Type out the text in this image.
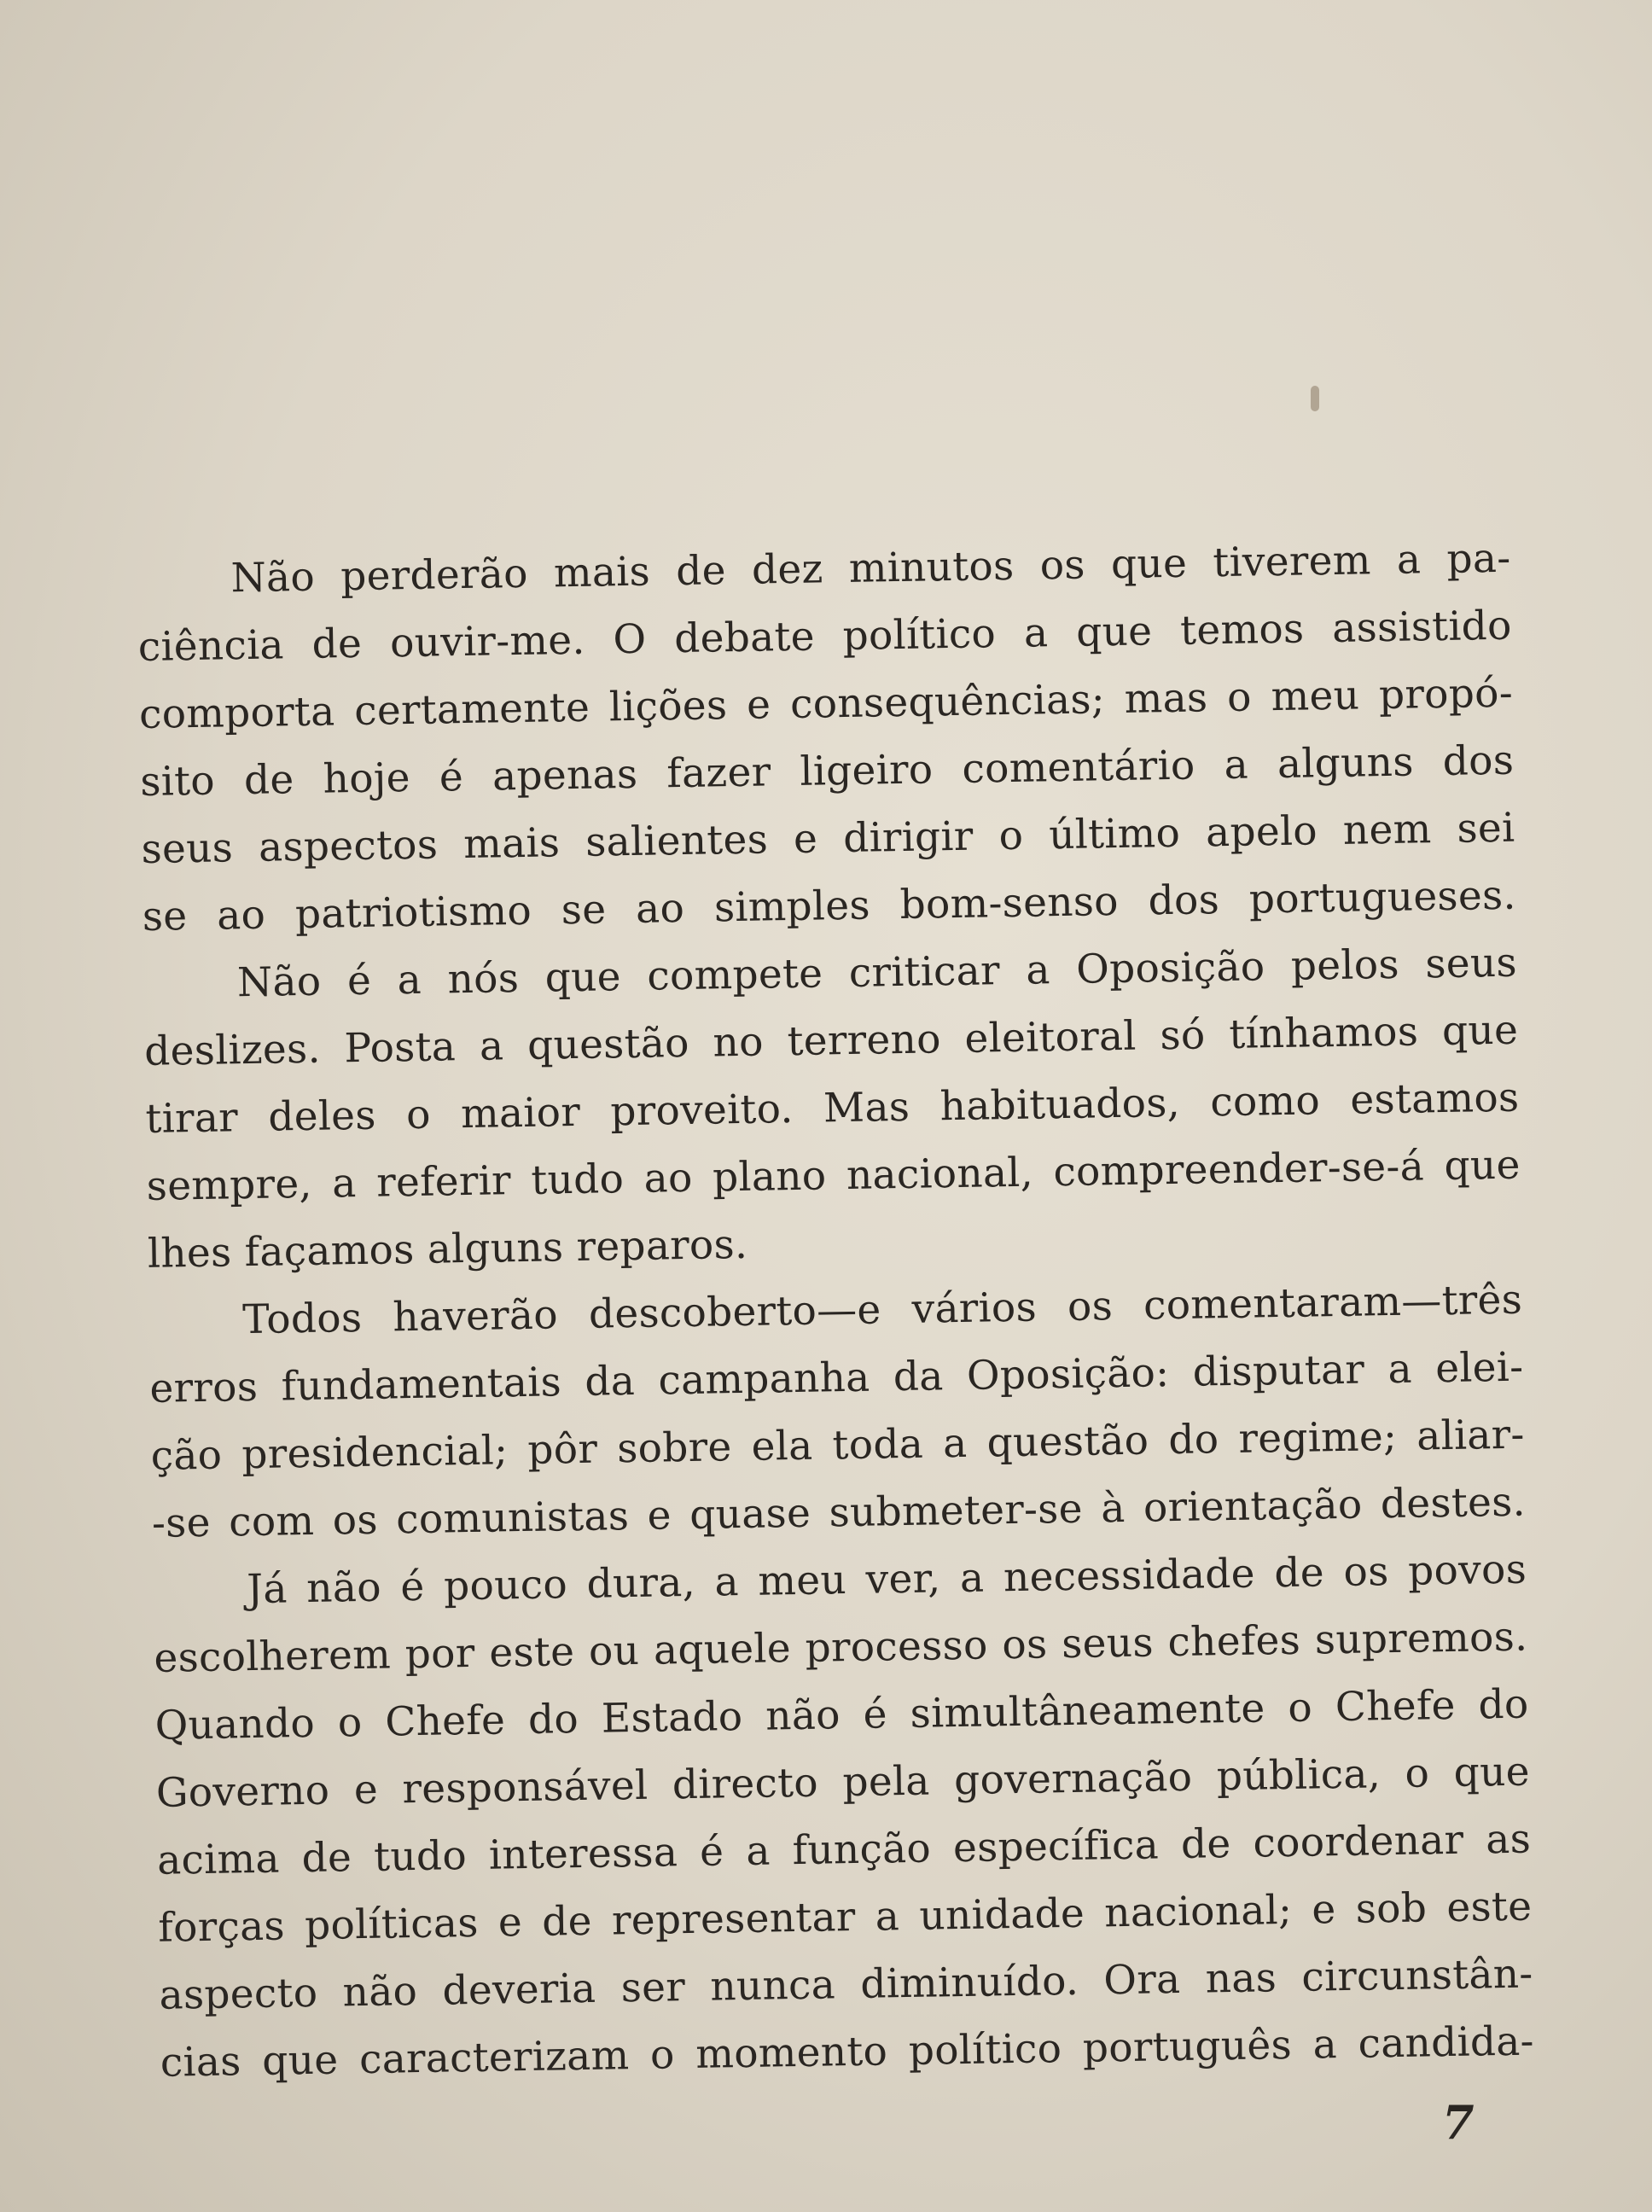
Não perderão mais de dez minutos os que tiverem a pa-
ciência de ouvir-me. O debate político a que temos assistido
comporta certamente lições e consequências; mas o meu propó-
sito de hoje é apenas fazer ligeiro comentário a alguns dos
seus aspectos mais salientes e dirigir o último apelo nem sei
se ao patriotismo se ao simples bom-senso dos portugueses.

Não é a nós que compete criticar a Oposição pelos seus
deslizes. Posta a questão no terreno eleitoral só tínhamos que
tirar deles o maior proveito. Mas habituados, como estamos
sempre, a referir tudo ao plano nacional, compreender-se-á que
lhes façamos alguns reparos.

Todos haverão descoberto—e vários os comentaram—três
erros fundamentais da campanha da Oposição: disputar a elei-
ção presidencial; pôr sobre ela toda a questão do regime; aliar-
-se com os comunistas e quase submeter-se à orientação destes.

Já não é pouco dura, a meu ver, a necessidade de os povos
escolherem por este ou aquele processo os seus chefes supremos.
Quando o Chefe do Estado não é simultâneamente o Chefe do
Governo e responsável directo pela governação pública, o que
acima de tudo interessa é a função específica de coordenar as
forças políticas e de representar a unidade nacional; e sob este
aspecto não deveria ser nunca diminuído. Ora nas circunstân-
cias que caracterizam o momento político português a candida-

7
